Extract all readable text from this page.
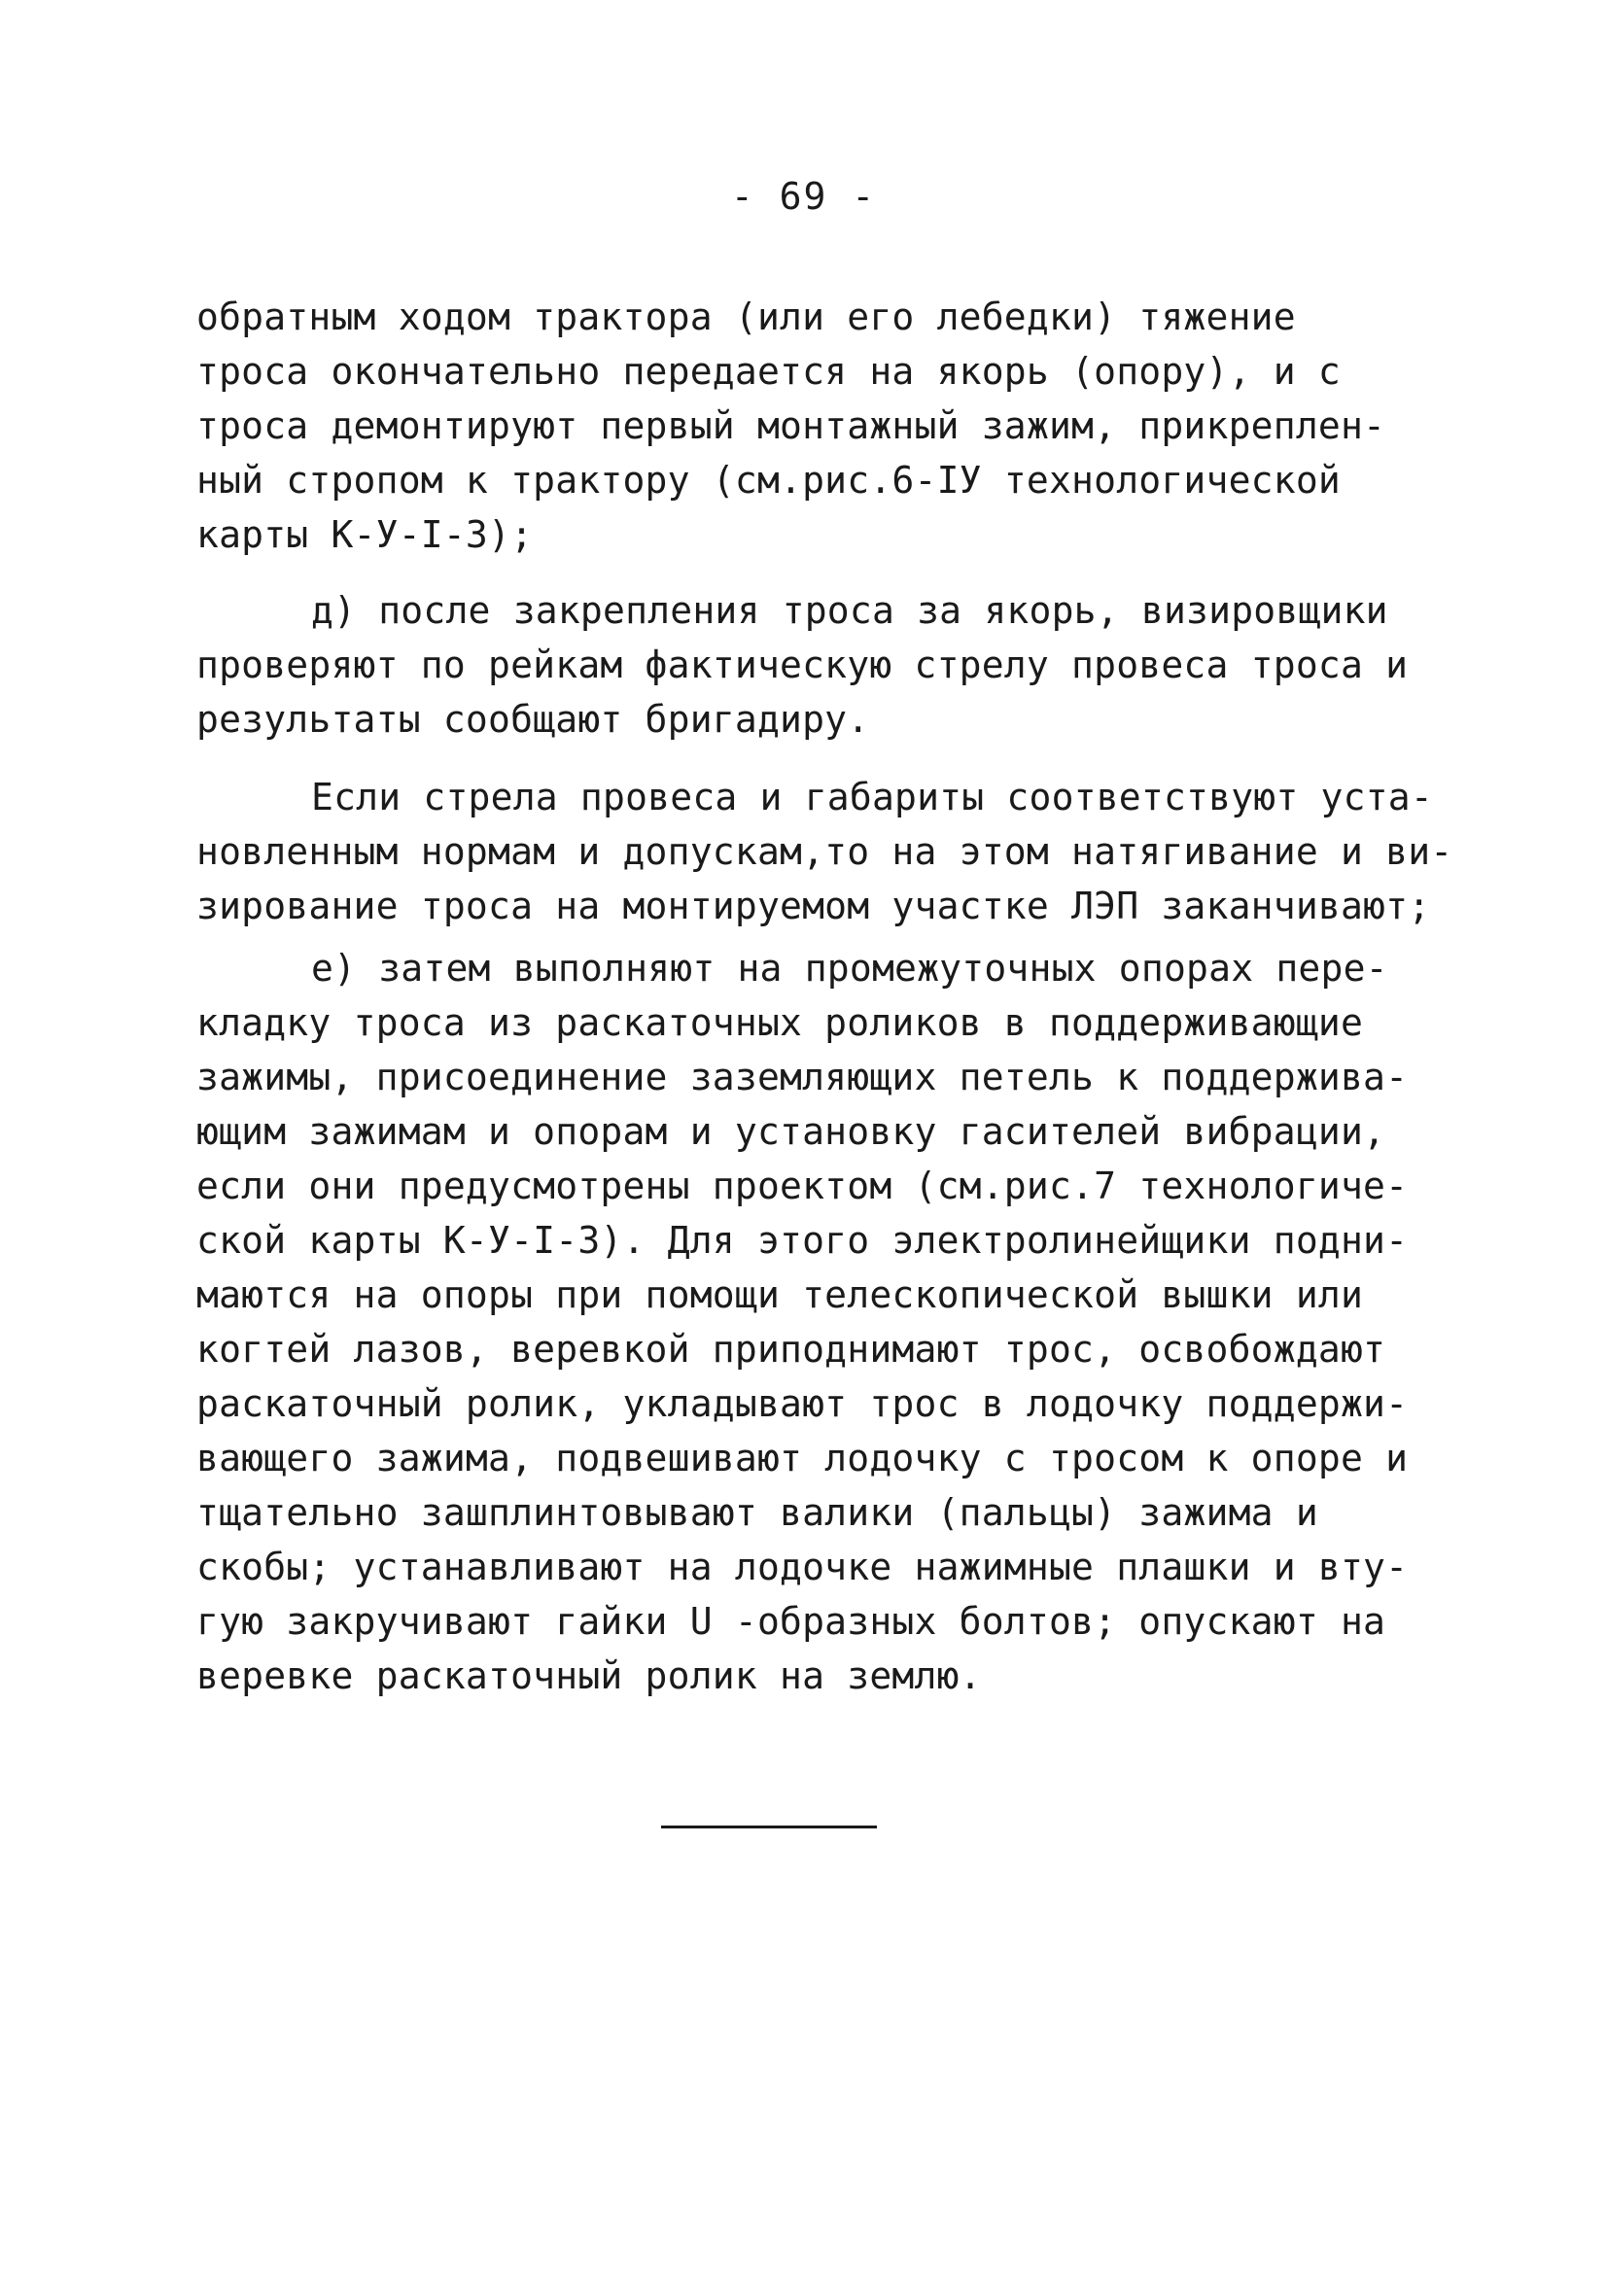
- 69 -
обратным ходом трактора (или его лебедки) тяжение
троса окончательно передается на якорь (опору), и с
троса демонтируют первый монтажный зажим, прикреплен-
ный стропом к трактору (см.рис.6-IУ технологической
карты К-У-I-3);
д) после закрепления троса за якорь, визировщики
проверяют по рейкам фактическую стрелу провеса троса и
результаты сообщают бригадиру.
Если стрела провеса и габариты соответствуют уста-
новленным нормам и допускам,то на этом натягивание и ви-
зирование троса на монтируемом участке ЛЭП заканчивают;
е) затем выполняют на промежуточных опорах пере-
кладку троса из раскаточных роликов в поддерживающие
зажимы, присоединение заземляющих петель к поддержива-
ющим зажимам и опорам и установку гасителей вибрации,
если они предусмотрены проектом (см.рис.7 технологиче-
ской карты К-У-I-3). Для этого электролинейщики подни-
маются на опоры при помощи телескопической вышки или
когтей лазов, веревкой приподнимают трос, освобождают
раскаточный ролик, укладывают трос в лодочку поддержи-
вающего зажима, подвешивают лодочку с тросом к опоре и
тщательно зашплинтовывают валики (пальцы) зажима и
скобы; устанавливают на лодочке нажимные плашки и вту-
гую закручивают гайки U -образных болтов; опускают на
веревке раскаточный ролик на землю.
